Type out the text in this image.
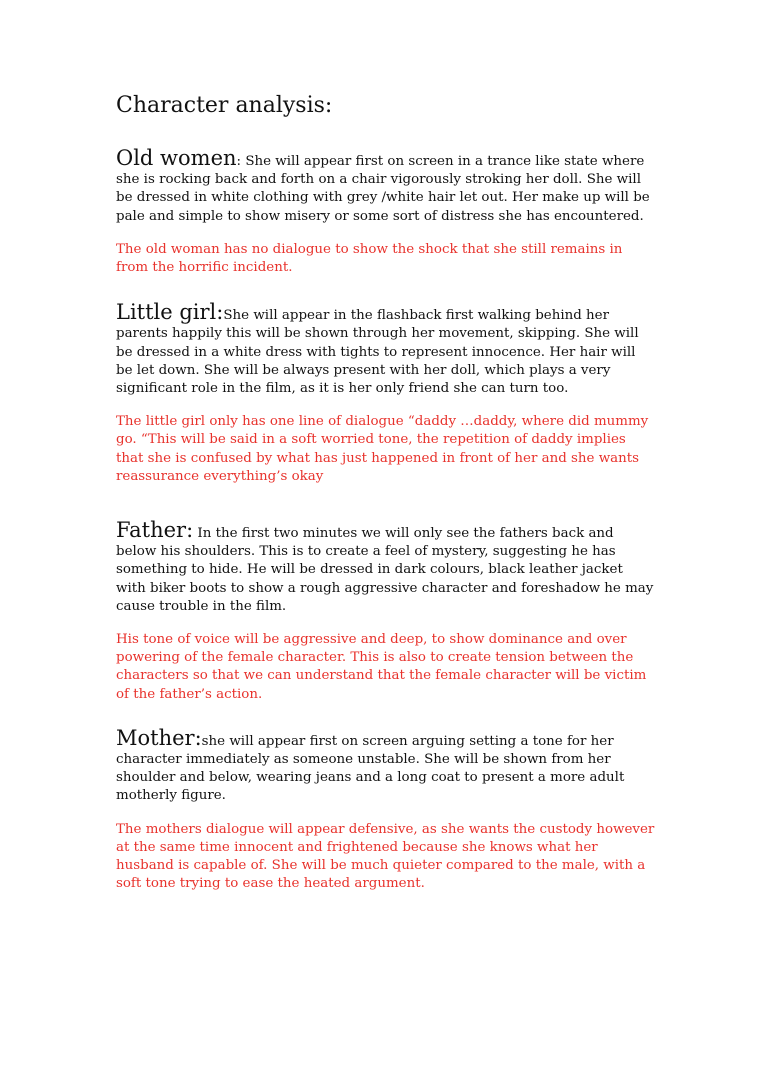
Character analysis:

Old women: She will appear first on screen in a trance like state where she is rocking back and forth on a chair vigorously stroking her doll. She will be dressed in white clothing with grey /white hair let out. Her make up will be pale and simple to show misery or some sort of distress she has encountered.

The old woman has no dialogue to show the shock that she still remains in from the horrific incident.

Little girl:She will appear in the flashback first walking behind her parents happily this will be shown through her movement, skipping. She will be dressed in a white dress with tights to represent innocence. Her hair will be let down. She will be always present with her doll, which plays a very significant role in the film, as it is her only friend she can turn too.

The little girl only has one line of dialogue “daddy …daddy, where did mummy go. “This will be said in a soft worried tone, the repetition of daddy implies that she is confused by what has just happened in front of her and she wants reassurance everything’s okay

Father: In the first two minutes we will only see the fathers back and below his shoulders. This is to create a feel of mystery, suggesting he has something to hide. He will be dressed in dark colours, black leather jacket with biker boots to show a rough aggressive character and foreshadow he may cause trouble in the film.

His tone of voice will be aggressive and deep, to show dominance and over powering of the female character. This is also to create tension between the characters so that we can understand that the female character will be victim of the father’s action.

Mother:she will appear first on screen arguing setting a tone for her character immediately as someone unstable. She will be shown from her shoulder and below, wearing jeans and a long coat to present a more adult motherly figure.

The mothers dialogue will appear defensive, as she wants the custody however at the same time innocent and frightened because she knows what her husband is capable of. She will be much quieter compared to the male, with a soft tone trying to ease the heated argument.
